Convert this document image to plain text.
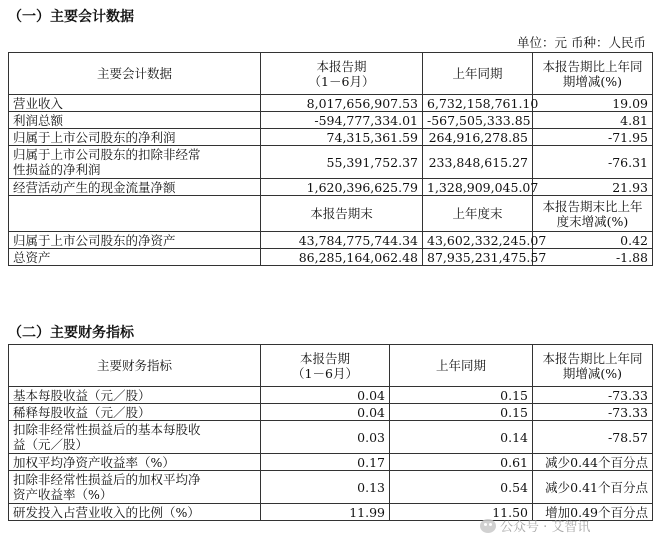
（一）主要会计数据
单位：元 币种：人民币
主要会计数据	本报告期
（1－6月）	上年同期	本报告期比上年同
期增减(%)
营业收入	8,017,656,907.53	6,732,158,761.10	19.09
利润总额	-594,777,334.01	-567,505,333.85	4.81
归属于上市公司股东的净利润	74,315,361.59	264,916,278.85	-71.95
归属于上市公司股东的扣除非经常
性损益的净利润	55,391,752.37	233,848,615.27	-76.31
经营活动产生的现金流量净额	1,620,396,625.79	1,328,909,045.07	21.93
	本报告期末	上年度末	本报告期末比上年
度末增减(%)
归属于上市公司股东的净资产	43,784,775,744.34	43,602,332,245.07	0.42
总资产	86,285,164,062.48	87,935,231,475.57	-1.88
（二）主要财务指标
主要财务指标	本报告期
（1－6月）	上年同期	本报告期比上年同
期增减(%)
基本每股收益（元／股）	0.04	0.15	-73.33
稀释每股收益（元／股）	0.04	0.15	-73.33
扣除非经常性损益后的基本每股收
益（元／股）	0.03	0.14	-78.57
加权平均净资产收益率（%）	0.17	0.61	减少0.44个百分点
扣除非经常性损益后的加权平均净
资产收益率（%）	0.13	0.54	减少0.41个百分点
研发投入占营业收入的比例（%）	11.99	11.50	增加0.49个百分点
公众号 · 艾智讯
